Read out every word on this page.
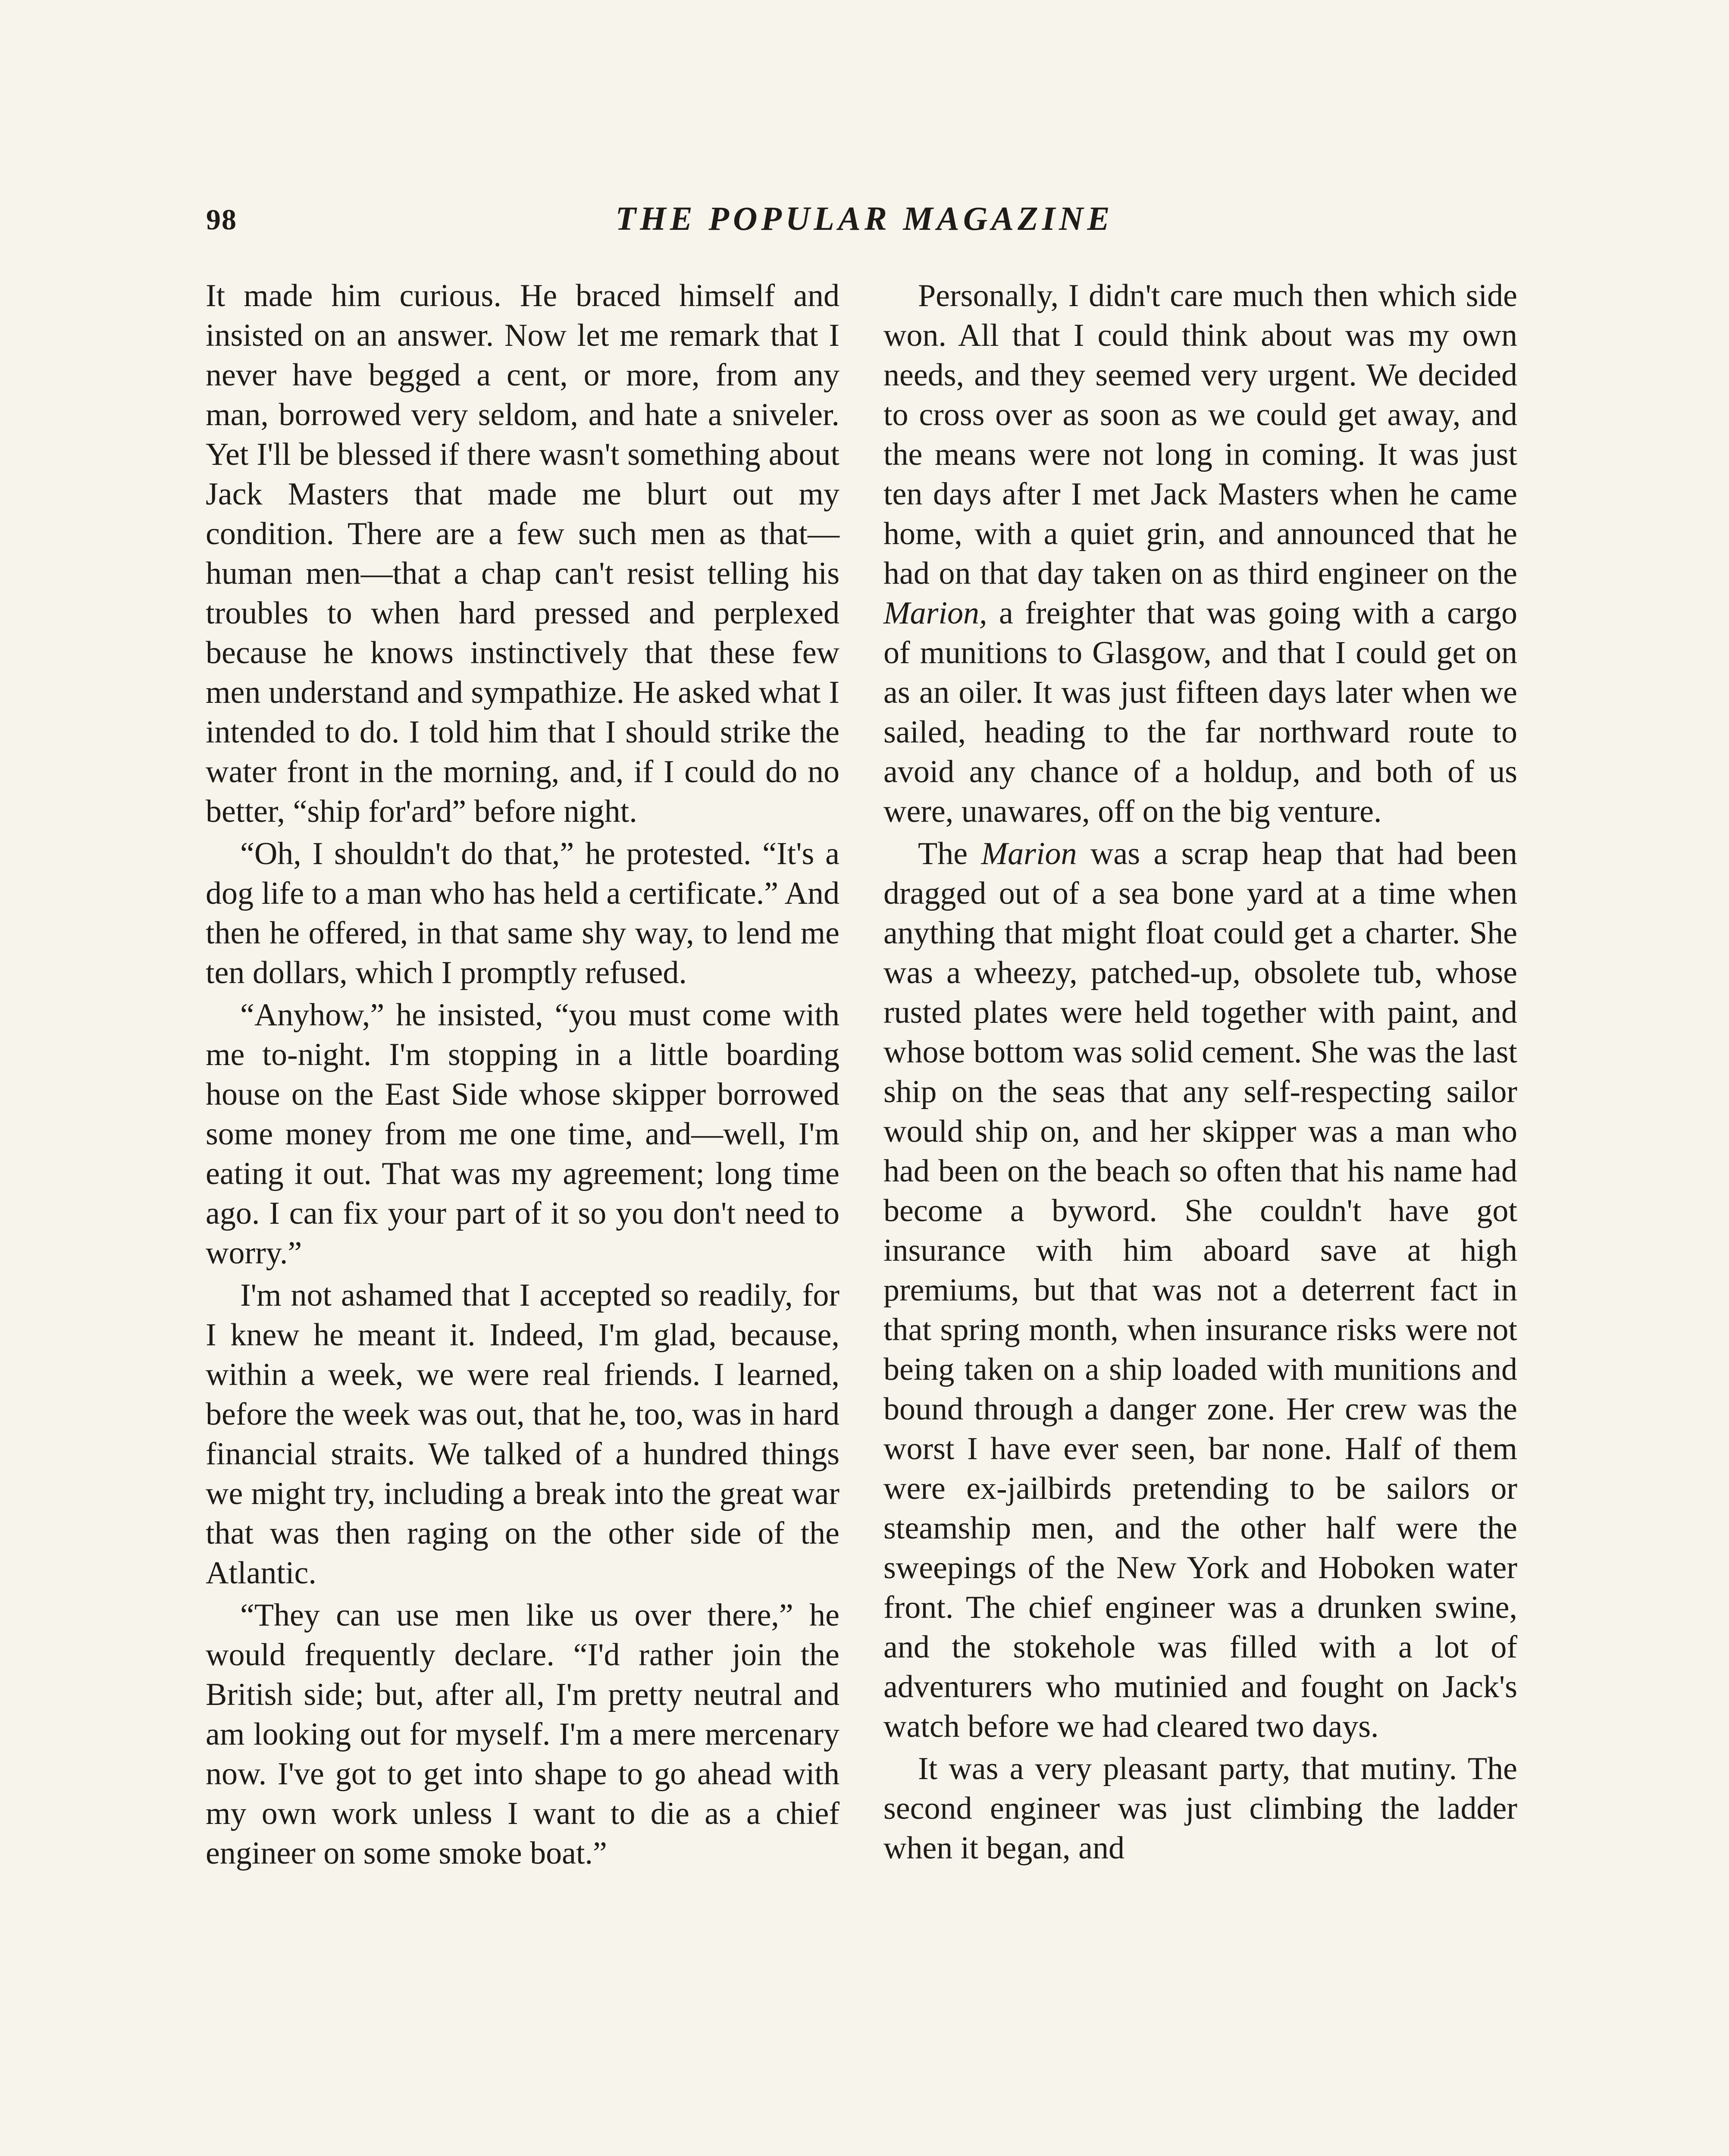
98	THE POPULAR MAGAZINE

It made him curious. He braced himself and insisted on an answer. Now let me remark that I never have begged a cent, or more, from any man, borrowed very seldom, and hate a sniveler. Yet I'll be blessed if there wasn't something about Jack Masters that made me blurt out my condition. There are a few such men as that—human men—that a chap can't resist telling his troubles to when hard pressed and perplexed because he knows instinctively that these few men understand and sympathize. He asked what I intended to do. I told him that I should strike the water front in the morning, and, if I could do no better, “ship for'ard” before night.

“Oh, I shouldn't do that,” he protested. “It's a dog life to a man who has held a certificate.” And then he offered, in that same shy way, to lend me ten dollars, which I promptly refused.

“Anyhow,” he insisted, “you must come with me to-night. I'm stopping in a little boarding house on the East Side whose skipper borrowed some money from me one time, and—well, I'm eating it out. That was my agreement; long time ago. I can fix your part of it so you don't need to worry.”

I'm not ashamed that I accepted so readily, for I knew he meant it. Indeed, I'm glad, because, within a week, we were real friends. I learned, before the week was out, that he, too, was in hard financial straits. We talked of a hundred things we might try, including a break into the great war that was then raging on the other side of the Atlantic.

“They can use men like us over there,” he would frequently declare. “I'd rather join the British side; but, after all, I'm pretty neutral and am looking out for myself. I'm a mere mercenary now. I've got to get into shape to go ahead with my own work unless I want to die as a chief engineer on some smoke boat.”

Personally, I didn't care much then which side won. All that I could think about was my own needs, and they seemed very urgent. We decided to cross over as soon as we could get away, and the means were not long in coming. It was just ten days after I met Jack Masters when he came home, with a quiet grin, and announced that he had on that day taken on as third engineer on the Marion, a freighter that was going with a cargo of munitions to Glasgow, and that I could get on as an oiler. It was just fifteen days later when we sailed, heading to the far northward route to avoid any chance of a holdup, and both of us were, unawares, off on the big venture.

The Marion was a scrap heap that had been dragged out of a sea bone yard at a time when anything that might float could get a charter. She was a wheezy, patched-up, obsolete tub, whose rusted plates were held together with paint, and whose bottom was solid cement. She was the last ship on the seas that any self-respecting sailor would ship on, and her skipper was a man who had been on the beach so often that his name had become a byword. She couldn't have got insurance with him aboard save at high premiums, but that was not a deterrent fact in that spring month, when insurance risks were not being taken on a ship loaded with munitions and bound through a danger zone. Her crew was the worst I have ever seen, bar none. Half of them were ex-jailbirds pretending to be sailors or steamship men, and the other half were the sweepings of the New York and Hoboken water front. The chief engineer was a drunken swine, and the stokehole was filled with a lot of adventurers who mutinied and fought on Jack's watch before we had cleared two days.

It was a very pleasant party, that mutiny. The second engineer was just climbing the ladder when it began, and
